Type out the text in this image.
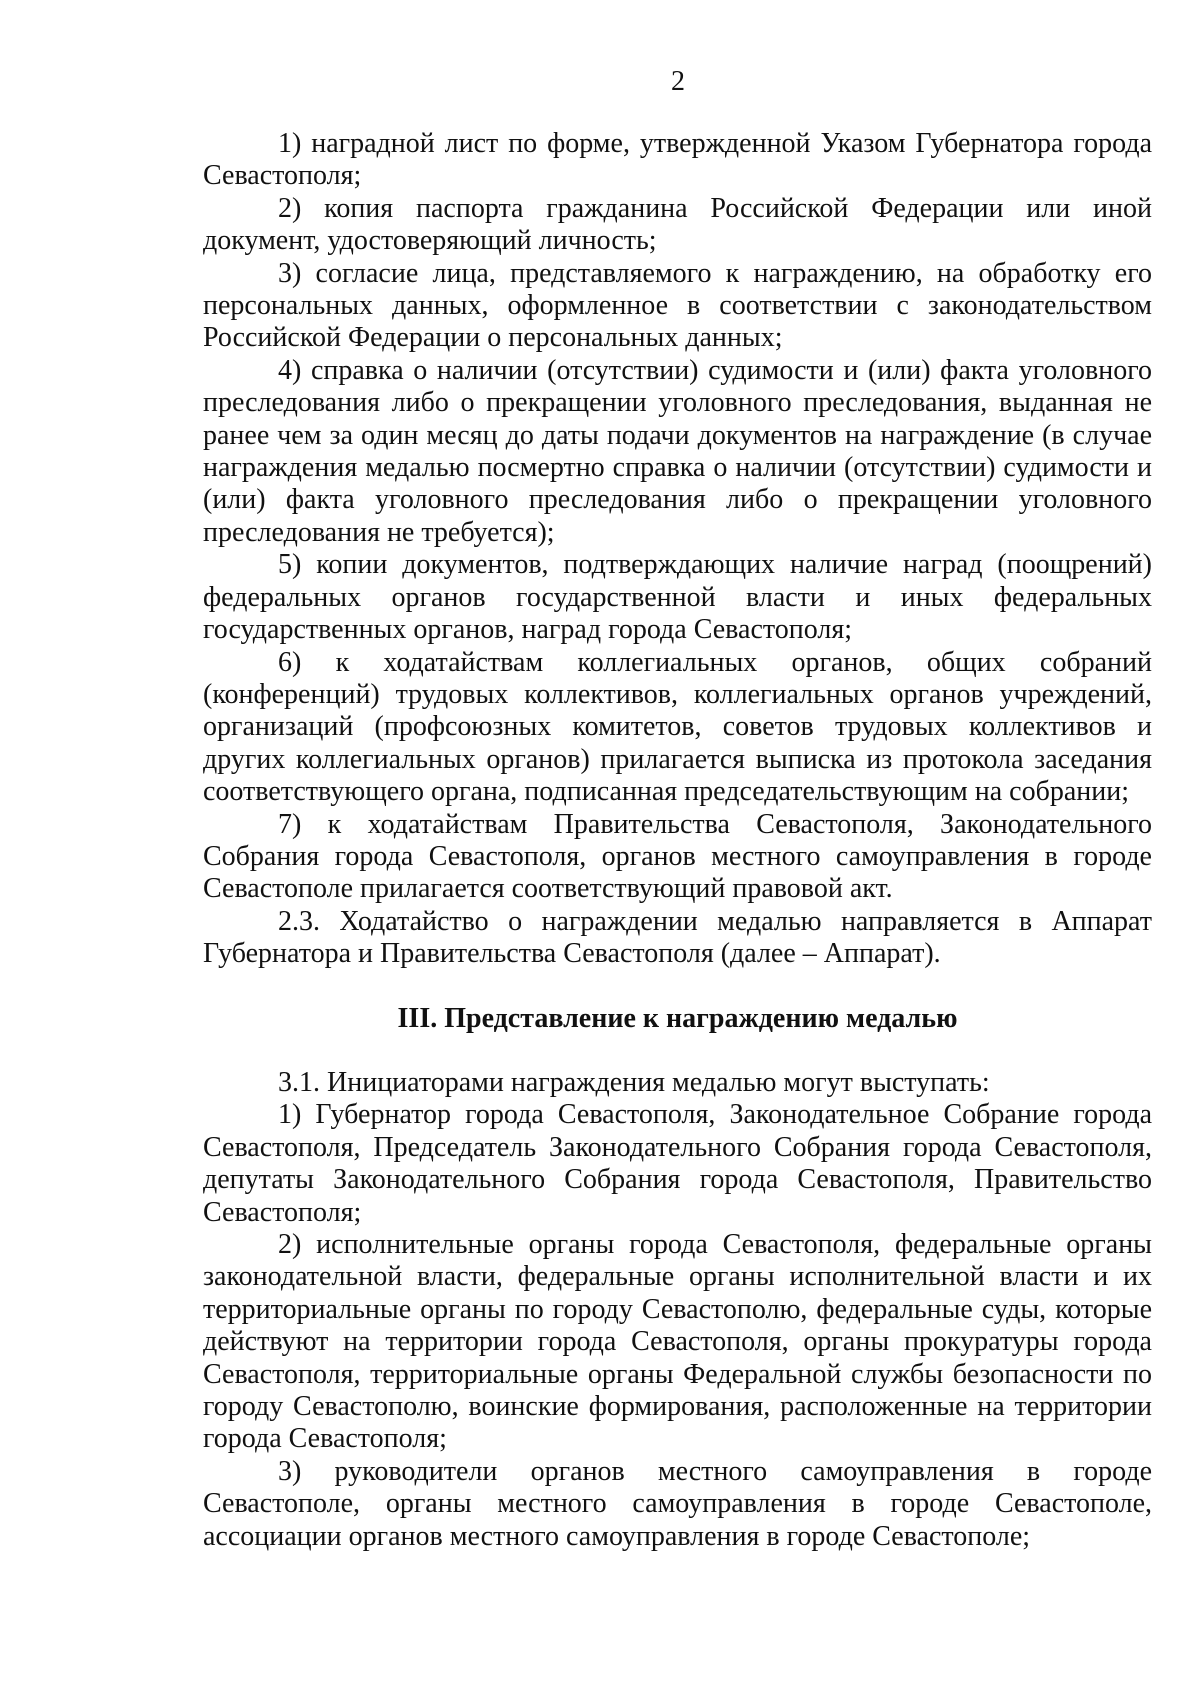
2

1) наградной лист по форме, утвержденной Указом Губернатора города Севастополя;

2) копия паспорта гражданина Российской Федерации или иной документ, удостоверяющий личность;

3) согласие лица, представляемого к награждению, на обработку его персональных данных, оформленное в соответствии с законодательством Российской Федерации о персональных данных;

4) справка о наличии (отсутствии) судимости и (или) факта уголовного преследования либо о прекращении уголовного преследования, выданная не ранее чем за один месяц до даты подачи документов на награждение (в случае награждения медалью посмертно справка о наличии (отсутствии) судимости и (или) факта уголовного преследования либо о прекращении уголовного преследования не требуется);

5) копии документов, подтверждающих наличие наград (поощрений) федеральных органов государственной власти и иных федеральных государственных органов, наград города Севастополя;

6) к ходатайствам коллегиальных органов, общих собраний (конференций) трудовых коллективов, коллегиальных органов учреждений, организаций (профсоюзных комитетов, советов трудовых коллективов и других коллегиальных органов) прилагается выписка из протокола заседания соответствующего органа, подписанная председательствующим на собрании;

7) к ходатайствам Правительства Севастополя, Законодательного Собрания города Севастополя, органов местного самоуправления в городе Севастополе прилагается соответствующий правовой акт.

2.3. Ходатайство о награждении медалью направляется в Аппарат Губернатора и Правительства Севастополя (далее – Аппарат).

III. Представление к награждению медалью

3.1. Инициаторами награждения медалью могут выступать:

1) Губернатор города Севастополя, Законодательное Собрание города Севастополя, Председатель Законодательного Собрания города Севастополя, депутаты Законодательного Собрания города Севастополя, Правительство Севастополя;

2) исполнительные органы города Севастополя, федеральные органы законодательной власти, федеральные органы исполнительной власти и их территориальные органы по городу Севастополю, федеральные суды, которые действуют на территории города Севастополя, органы прокуратуры города Севастополя, территориальные органы Федеральной службы безопасности по городу Севастополю, воинские формирования, расположенные на территории города Севастополя;

3) руководители органов местного самоуправления в городе Севастополе, органы местного самоуправления в городе Севастополе, ассоциации органов местного самоуправления в городе Севастополе;
